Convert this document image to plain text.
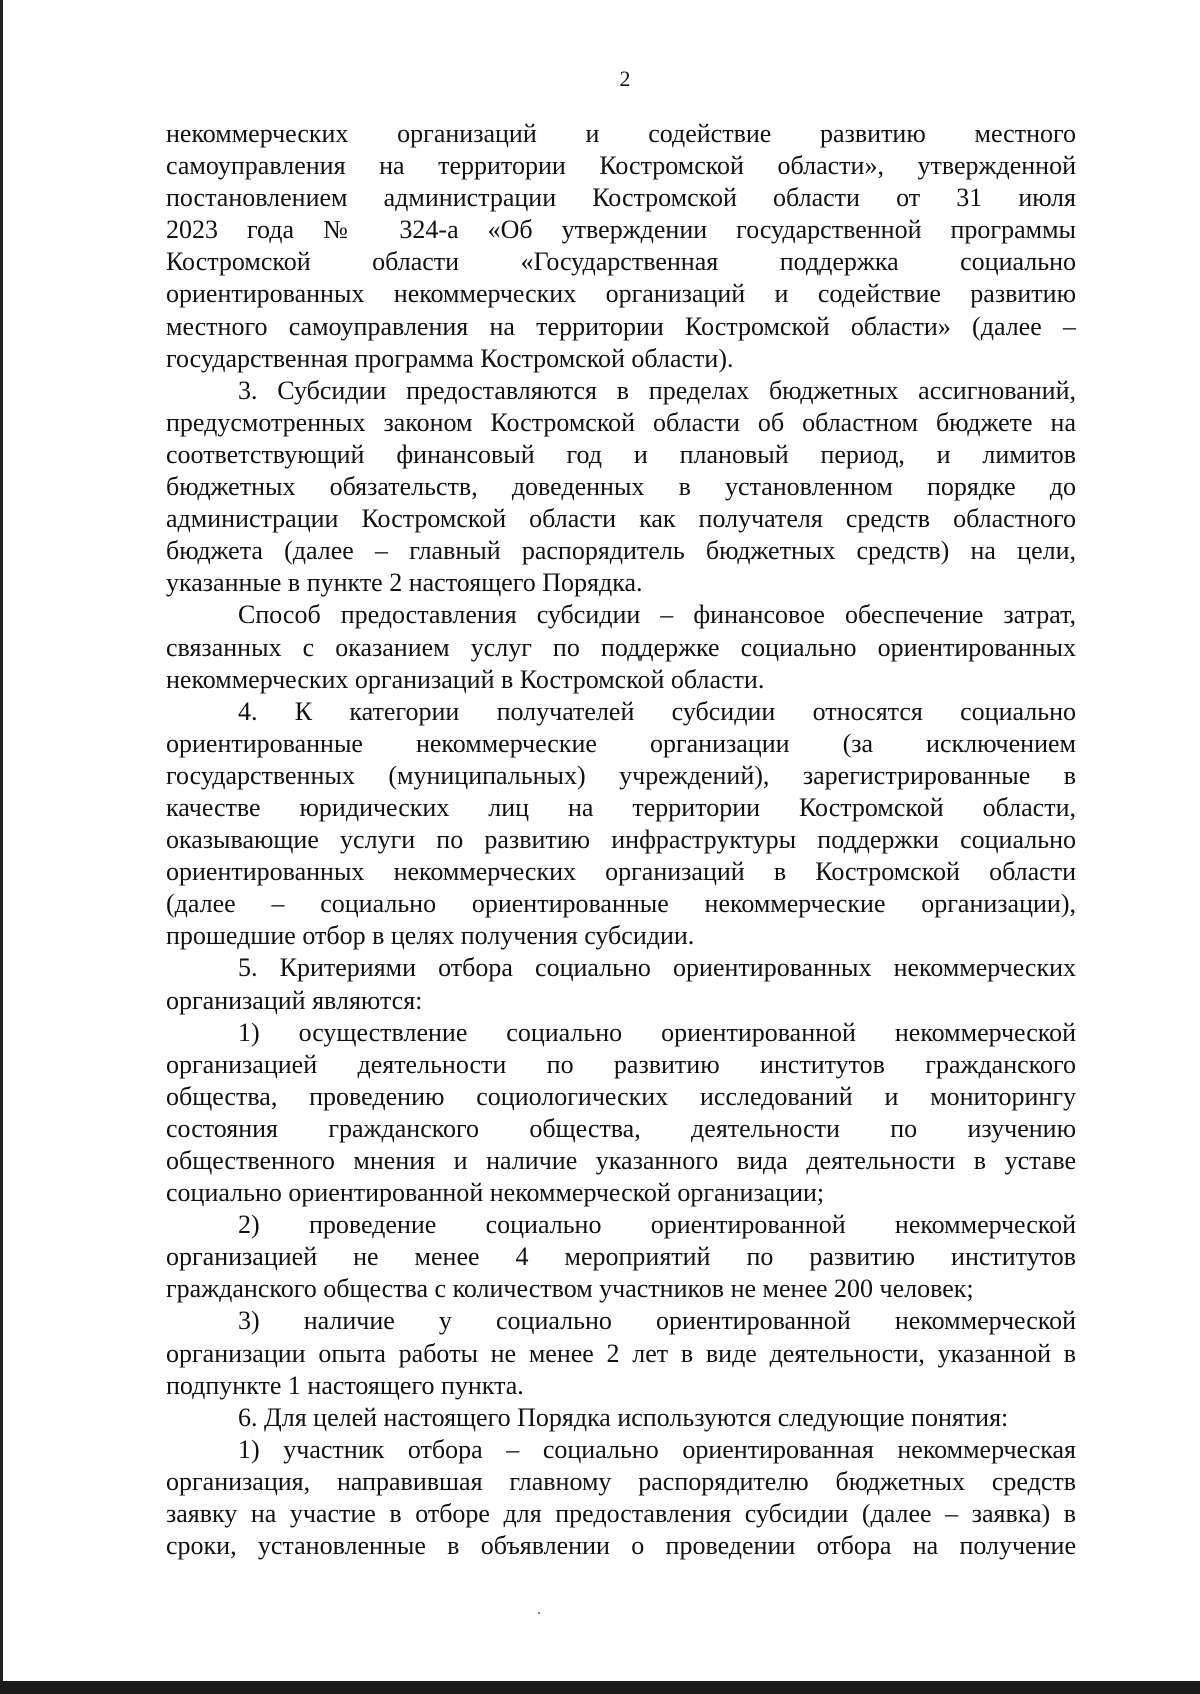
2

некоммерческих организаций и содействие развитию местного

самоуправления на территории Костромской области», утвержденной

постановлением администрации Костромской области от 31 июля

2023 года № 324-а «Об утверждении государственной программы

Костромской области «Государственная поддержка социально

ориентированных некоммерческих организаций и содействие развитию

местного самоуправления на территории Костромской области» (далее –

государственная программа Костромской области).

3. Субсидии предоставляются в пределах бюджетных ассигнований,

предусмотренных законом Костромской области об областном бюджете на

соответствующий финансовый год и плановый период, и лимитов

бюджетных обязательств, доведенных в установленном порядке до

администрации Костромской области как получателя средств областного

бюджета (далее – главный распорядитель бюджетных средств) на цели,

указанные в пункте 2 настоящего Порядка.

Способ предоставления субсидии – финансовое обеспечение затрат,

связанных с оказанием услуг по поддержке социально ориентированных

некоммерческих организаций в Костромской области.

4. К категории получателей субсидии относятся социально

ориентированные некоммерческие организации (за исключением

государственных (муниципальных) учреждений), зарегистрированные в

качестве юридических лиц на территории Костромской области,

оказывающие услуги по развитию инфраструктуры поддержки социально

ориентированных некоммерческих организаций в Костромской области

(далее – социально ориентированные некоммерческие организации),

прошедшие отбор в целях получения субсидии.

5. Критериями отбора социально ориентированных некоммерческих

организаций являются:

1) осуществление социально ориентированной некоммерческой

организацией деятельности по развитию институтов гражданского

общества, проведению социологических исследований и мониторингу

состояния гражданского общества, деятельности по изучению

общественного мнения и наличие указанного вида деятельности в уставе

социально ориентированной некоммерческой организации;

2) проведение социально ориентированной некоммерческой

организацией не менее 4 мероприятий по развитию институтов

гражданского общества с количеством участников не менее 200 человек;

3) наличие у социально ориентированной некоммерческой

организации опыта работы не менее 2 лет в виде деятельности, указанной в

подпункте 1 настоящего пункта.

6. Для целей настоящего Порядка используются следующие понятия:

1) участник отбора – социально ориентированная некоммерческая

организация, направившая главному распорядителю бюджетных средств

заявку на участие в отборе для предоставления субсидии (далее – заявка) в

сроки, установленные в объявлении о проведении отбора на получение
